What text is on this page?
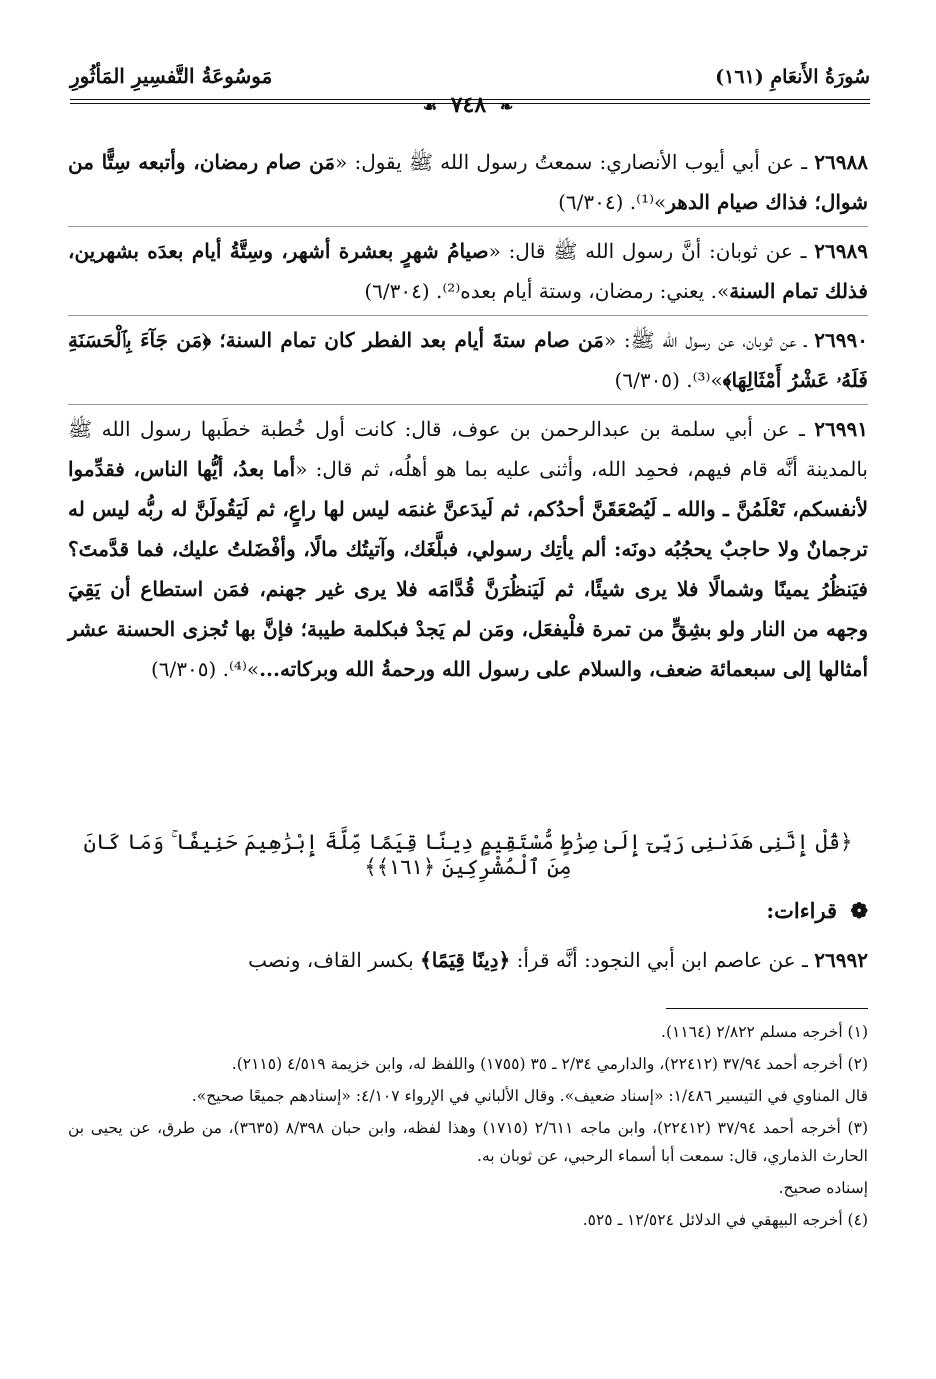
سُورَةُ الأَنعَامِ (١٦١)
مَوسُوعَةُ التَّفسِيرِ المَأثُورِ
❧ ٧٤٨ ☙

٢٦٩٨٨ ـ عن أبي أيوب الأنصاري: سمعتُ رسول الله ﷺ يقول: «مَن صام رمضان، وأتبعه سِتًّا من شوال؛ فذاك صيام الدهر»⁽¹⁾. (٦/٣٠٤)

٢٦٩٨٩ ـ عن ثوبان: أنَّ رسول الله ﷺ قال: «صيامُ شهرٍ بعشرة أشهر، وسِتَّةُ أيام بعدَه بشهرين، فذلك تمام السنة». يعني: رمضان، وستة أيام بعده⁽²⁾. (٦/٣٠٤)

٢٦٩٩٠ ـ عن ثوبان، عن رسول الله ﷺ: «مَن صام ستةَ أيام بعد الفطر كان تمام السنة؛ ﴿مَن جَآءَ بِٱلْحَسَنَةِ فَلَهُۥ عَشْرُ أَمْثَالِهَا﴾»⁽³⁾. (٦/٣٠٥)

٢٦٩٩١ ـ عن أبي سلمة بن عبدالرحمن بن عوف، قال: كانت أول خُطبة خطَبها رسول الله ﷺ بالمدينة أنَّه قام فيهم، فحمِد الله، وأثنى عليه بما هو أهلُه، ثم قال: «أما بعدُ، أيُّها الناس، فقدِّموا لأنفسكم، تَعْلَمُنَّ ـ والله ـ لَيُصْعَقَنَّ أحدُكم، ثم لَيدَعنَّ غنمَه ليس لها راعٍ، ثم لَيَقُولَنَّ له ربُّه ليس له ترجمانٌ ولا حاجبٌ يحجُبُه دونَه: ألم يأتِك رسولي، فبلَّغَك، وآتيتُك مالًا، وأفْضَلتُ عليك، فما قدَّمتَ؟ فيَنظُرُ يمينًا وشمالًا فلا يرى شيئًا، ثم لَيَنظُرَنَّ قُدَّامَه فلا يرى غير جهنم، فمَن استطاع أن يَقِيَ وجهه من النار ولو بشِقٍّ من تمرة فلْيفعَل، ومَن لم يَجدْ فبكلمة طيبة؛ فإنَّ بها تُجزى الحسنة عشر أمثالها إلى سبعمائة ضعف، والسلام على رسول الله ورحمةُ الله وبركاته...»⁽⁴⁾. (٦/٣٠٥)

﴿قُلْ إِنَّنِى هَدَىٰنِى رَبِّىٓ إِلَىٰ صِرَٰطٍ مُّسْتَقِيمٍ دِينًا قِيَمًا مِّلَّةَ إِبْرَٰهِيمَ حَنِيفًا ۚ وَمَا كَانَ مِنَ ٱلْمُشْرِكِينَ ﴿١٦١﴾﴾
❁ قراءات:

٢٦٩٩٢ ـ عن عاصم ابن أبي النجود: أنَّه قرأ: ﴿دِينًا قِيَمًا﴾ بكسر القاف، ونصب

(١) أخرجه مسلم ٢/٨٢٢ (١١٦٤).

(٢) أخرجه أحمد ٣٧/٩٤ (٢٢٤١٢)، والدارمي ٢/٣٤ ـ ٣٥ (١٧٥٥) واللفظ له، وابن خزيمة ٤/٥١٩ (٢١١٥).

قال المناوي في التيسير ١/٤٨٦: «إسناد ضعيف». وقال الألباني في الإرواء ٤/١٠٧: «إسنادهم جميعًا صحيح».

(٣) أخرجه أحمد ٣٧/٩٤ (٢٢٤١٢)، وابن ماجه ٢/٦١١ (١٧١٥) وهذا لفظه، وابن حبان ٨/٣٩٨ (٣٦٣٥)، من طرق، عن يحيى بن الحارث الذماري، قال: سمعت أبا أسماء الرحبي، عن ثوبان به.

إسناده صحيح.

(٤) أخرجه البيهقي في الدلائل ١٢/٥٢٤ ـ ٥٢٥.
